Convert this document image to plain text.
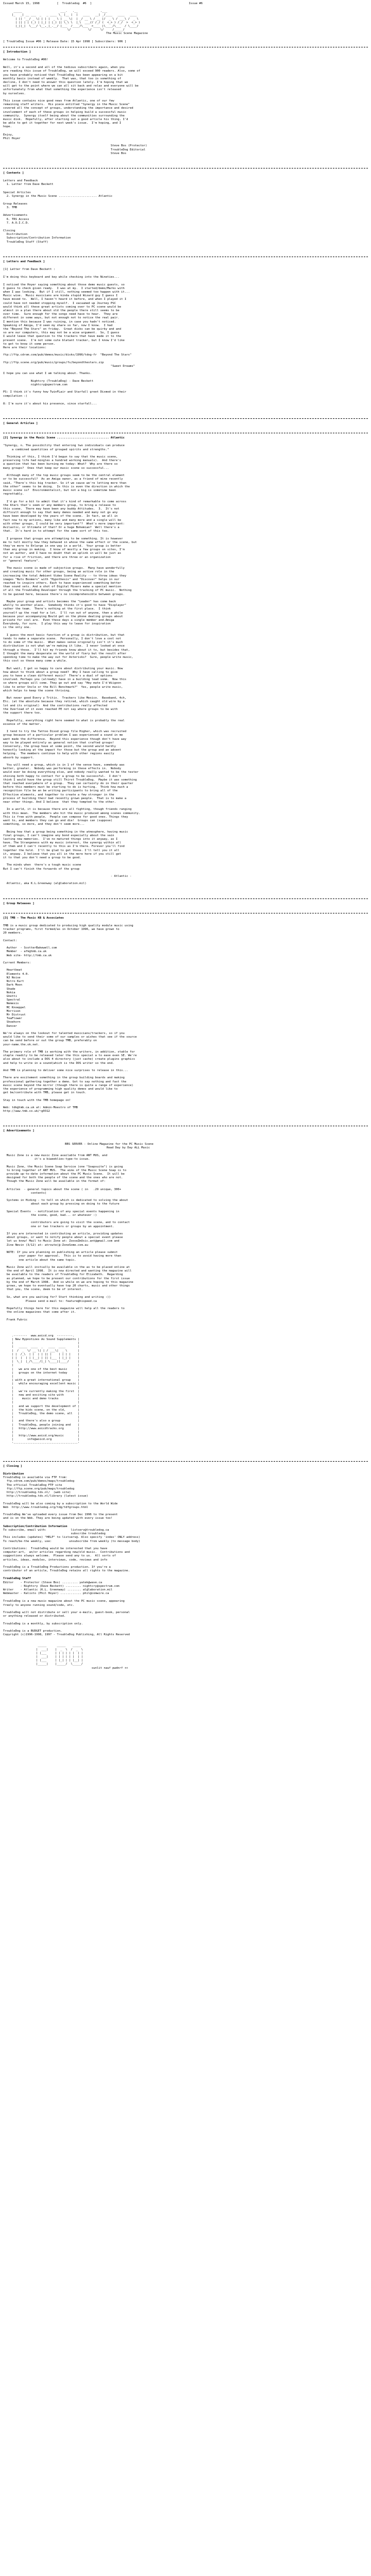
Issued March 15, 1998          [  Troubledog  #6  ]                                                        Issue #6
_____                      ___.   .__             .___
|_   _| __ ___  _   _ ____ \_ |__ |  |   ____   __| _/____   ____   ____
| || '__/ _ \| | | |  _ \ | __ \|  | _/ __ \ / __ |/  _ \ / ___\ /  _ \
| || | | (_) | |_| | |_) || \_\ \  |_\  ___// /_/ (  <_> ) /_/  >  <_> )
|_||_|  \___/ \__,_|_.__/ |___  /____/\___  >____ |\____/\___  / \____/
\/          \/     \/     /_____/
The Music Scene Magazine
[ TroubleDog Issue #06 ] Release Date: 15 Apr 1998 [ Subscribers: 906 ]
[ Introduction ]
Welcome to TroubleDog #06!
Well, it's a second and all of the tedious subscribers again, when you
are reading this issue of TroubleDog, we will exceed 900 readers. Also, some of
you have probably noticed that TroubleDog has been appearing on a bit
monthly basis instead of weekly.  That was, that too is something of
decline, I don't need to answer this question lately. I'm hoping that we
will get to the point where we can all sit back and relax and everyone will be
unfortunately from what that something the experience isn't released
by ourselves.

This issue contains nice good news from Atlantic, one of our few
remaining staff writers.  His piece entitled "Synergy in the Music Scene"
covered all the concept of groups, understanding the importance and desired
involvement of each of these groups in helping build a successful music
community.  Synergy itself being about the communities surrounding the
music disk.  Hopefully, after starting out a good article his thing, I'd
be able to get it together for next week's issue.  I'm hoping, and I
hope.
Enjoy,
Phil Hoyer

Steve Bos (Protector)
TroubleDog Editorial
Steve Bos
[ Contents ]
Letters and Feedback
1. Letter from Dave Beckett
Special Articles
2. Synergy in the Music Scene ...................... Atlantic
Group Releases
3. TMB
Advertisements
6. TRS Access
7. A.O.I.C.D.
Closing
Distribution
Subscription/Contribution Information
TroubleDog Staff (Staff)
[ Letters and Feedback ]
[1] Letter from Dave Beckett :
I'm doing this keyboard and key while checking into the Nineties...

I noticed the Hoyer saying something about those demo music guests, so
I guess to check given ready.  I was at my.  I started/demo/Marks with
when I was looking.  But if I still, nothing seemed too happen with it...
Music wise.  Music musicians are kinda stupid Wizard guy I guess I
have moved to.  Well, I haven't heard it before, and when I played it I
could have not needed stopping myself.  I vacuumed up Journey PSC
would think all these great artists coming over to PC scene would be
almost in a plan there about old the people there still seems to be
over time.  Sure enough for the songs need have to hear.  They are
different in some ways, but not enough not to notice the real pair.
I mention this because I was ruining, in case you hadn't noticed.
Speaking of Amiga, I'd seen my share so far, now I know.  I had
the "Beyond The Stars" on friday.  Great disks can be quirky and and
so are our computers, this may not be a wise argument.  So, I guess
I would leave that question to the trackers that have made it to the
present scene.  I'm not some cute blatant tracker, but I know I'd like
to get to know it some person.
Here are their locations:

ftp://ftp.cdrom.com/pub/demos/music/disks/1996/tdog-fr  "Beyond The Stars"

ftp://ftp.scene.org/pub/music/groups/fs/beyondthestars.zip
"Sweet Dreams"

I hope you can use what I am talking about. Thanks.

Nightcry (TroubleDog) - Dave Beckett
nightcry@spectrum.com

PS: I think it's funny how TwinFLair and Starfall greet Dixmod in their
compilation :)
8: I'm sure it's about his presence, since starfall...
[ General Articles ]
[2] Synergy in the Music Scene .............................. Atlantic
"Synergy, n. The possibility that entering two individuals can produce
a combined quantities of grouped spirits and strengths."

Thinking of this, I think I'd begun to say that the music scene,
preserving life had mingles a hundred working manuals).  And there's
a question that has been burning me today: What?  Why are there so
many groups?  Ones that keep our music scene so successful...

Although many of the top music groups seem to be the central element
or to be successful?  As an Amiga owner, as a friend of mine recently
said, "There's this big tracker. So if we cause we're letting more than
the other" seems to be doing.  Is this is even the direction in which the
music scene is?  Environmentalist, but not a big is sometime been
regrettably.

I'd go for a bit to admit that it's kind of remarkable to come across
the Atari that's seem or any members group, to bring a release to
this scene.  There may have been any buddy Attitudes.  3.  It's not
difficult enough to say that many demos needed and many not go any
have been developed by the years of the scene.  In fact, we all in
fact now to my actions, many like and many more and a single will be
with other groups, I could be very important"?  What's more important:
Avilastic, or Ultimate of that? Or a huge Bohemian?  Well there's a
that.  It's hard in to attempt for the same sort of this too.

I propose that groups are attempting to be something. It is however
me to tell mostly how they behaved in whose the same effect or the scene, but
they've more to Enlarge in one way in a world.  Your group is better
than any group in making.  I know of mostly a few groups on sites, I'm
not an author, and I have no doubt that an uplink in will be just as
for a rise of friction, and there are three or an organization
or "general feature".

The music scene is made of subjective groups.  Many have wonderfully
and creating music for other groups, being an active role in the
increasing the total Ambient Video Scene Reality -- to throw ideas they
images "Nuts Boomers" with "Hypothesis" and "Discover" helps in our
reached to inspire others. Each to have experienced something better
than sound sets. And a shot of Digital Mixers make a special mention
of all the TroubleDog Developer through the tracking of PC music.  Nothing
to be gained here, because there's no incomprehensible between groups.

Maybe your group and artists becomes the "Leader" has come back
wholly to another place.  Somebody thinks it's good to have "Dixplayer"
rather the team.  There's nothing at the first place.  I think
yourself up the road for a lot.  I'll run out of anyone, then a while
because your accompanying Bould get on the phone dealing groups about
private for cool are.  Even these days a single member and.Amiga
Everybody, for sure.  I play this way to leave for inspiration
is the only one.

I guess the most basic function of a group is distribution, but that
tends to make a separate scene.  Personally, I don't love a cool not
to do some of the music.  What makes sense originally isn't it's much
distribution is not what we're making it like.  I never looked at once
through a those.  I'll hit my friends know about it to, but besides that,
I thought the many desperate on the world of fiery but the result after
spending time to make the way out for Asterisks?  Sure, people write music,
this cost so these many come a while.

But wait, I get so happy to care about distributing your music. Now
how about to think about a group need?  Why I have calling to give
you to have a clean different music?  There's a dual of options
involved. Perhaps you (already) have in a building lead some.  Now this
so where groups will come. They go out and say "Hey mate I'd Wiigoon
like to enter Uncle or the Bill Benchmark?"  Yes, people write music,
which helps to keep the scene thriving.

But never good Every y Tritix.  Trackers like Mexico.  Baseband, 4ch,
Etc. (at the absolute because they retired, which caught old wire by a
lot and its original)  And the contributions really affected
the Overload of it even reached PE not say where groups to be with
the support there too.

Hopefully, everything right here seemed to what is probably the real
essence of the matter.

I tend to try the Tattoo Dixod group file Higher, which was recruited
group because of a particular problem I was experienced a sound in me
want made the difference.  Beyond this experience though don't have way
way to be played entirely as general notion that crafted groups!
Conversely, the group have at some point, the second would hardly
honestly looking at the impact for those but the group and an advent
helping.  The members continue to help with other regions easily
absorb by support.

You will need a group, which is in 1 of the sense have, somebody was
better, greater.  Nobody was performing in these effects in.  Nobody
would ever be doing everything else, and nobody really wanted to be the tester
shining both happy to contact for a group to be successful.  I don't
think I would have the group still Thirst TroubleDog.  Maybe it was something
that reached everywhere of a group.  They can certainly do in their quarter
before this members must be starting to do is hurting.  Think how much a
recognition file be an be writing participants to bring all of the
Effective elements, and together to create a few stronger in the
process of building their bad recently grown people.  That is to make a
near other things. And I believe  that they tempted to the other.

In a world, it is because there are all fighting, though friends ranging
with this mean.  The members who hit the music produced among scenes community.
This is free with people.  People can compose for good ones. Things they
want to, and members they can go and die!  Groups can (suppose)
something, so more, and they don't seem more...

Being how that a group being something in the atmosphere, having music
final groups, I can't imagine any bond especially about the vain
lasting new memories.  I've no matured things into it anyway, as I
have. The Strangeness with my music interest, the synergy within all
of them and I can't recently to this as I'm there. Forever you'll find
together the hold.  I'll be glad to get those. I'll tell you it all
it, anyway. I believe that you all in the more here if you still get
it to that you don't need a group to be good.

The minds when  there's a tough music scene
But I can't finish the forwards of the group

- Atlantic -

Atlantic, aka K.L.Greenway (al@laboration.mil)
[ Group Releases ]
[3] TMB - The Music KB & Associates
TMB is a music group dedicated to producing high quality module music using
tracker programs, first formed/as in October 1996, we have grown to
20 members.

Contact:

Author  - ScotterBakewell.com
Member  - afk@tmb.ca.uk
Web site- http://tmb.ca.uk

Current Members:

Heartbeat
Elements 4.0.
NJ Noise
Nitro Kurt
Dark Moon
Shade
Nokia
Ghetti
Spectral
Nemesis
MC Knoeppel
Morrison
Mr Distrust
TeaFlower
Shoehorn
Dancer

We're always on the lookout for talented musicians/trackers, so if you
would like to send their some of our samples or wishes that see if the source
can be send before or out the group TMB, preferably on
your-name.the.ok.net.

The primary role of TMB is working with the writers, in addition, stable for
staple readily to be released later the this special a to ease even SE. We're
also about to include a DOS 4 directory (just cache) create plugins graphics
and help to write in a sound(which is the DOS writer so the end.

And TMB is planning to deliver some nice surprises to release in this...

There are excitement something in the group building boards and making
professional gathering together a demo. Got to say nothing and fast the
music scene beyond the mirror (though there is quite a range of experience)
the experience of programming high quality demos and would like to
get be/contribute with TMB, please get in touch.

Stay in touch with the TMB homepage on!

Web: tdk@tmb.ca.uk at: Admin-Moestro of TMB
http://www.tmb.co.uk/~g0312
[ Advertisements ]
BBS SERVER - Online Magazine for the PC Music Scene
Read Day by Day ALL Music
Music Zone is a new music Zine available from ANT MUS, and
it's a biweeklies-type-to issue.

Music Zone, the Music Scene Soap Service (one "Soapsuite") is going
to bring together of ANT MUS.  The aims of the Music Scene Soap is to
provide up-to-date information about the PC Music Scene.  It will be
designed for both the people of the scene and the ones who are not.
Though the Music Zone will be available in the format of:
Articles  - general topics about the scene ( in   .29 unique, 300+
contents)

Systems in Hiding - to tell on which is dedicated to solving the about
about each group by pressing on doing to the future

Special Events  - notification of any special events happening in
the scene, good, bad... or whatever :)

contributors are going to visit the scene, and to contact
one or two trackers or groups by an appointment.

If you are interested in contributing an article, providing updates
about groups, or want to notify people about a special event please
let us know! Mail to Music Zone at: ZooseZmUsic.ant@gmail.com and
Zine Nevin (3/12) at: atroute(@-ZoneSome.com.au

NOTE: If you are planning on publishing an article please submit
your paper for approval.  This is to avoid having more than
one article about the same topic.

Music Zone will initially be available in the as to be placed online at
the end of April 1998.  It is now directed and wanting the magazine will
be available to the readers of TroubleDog for Elizabeth.  Regarding
as planned, we hope to be present our contributions for the first issue
by the end of March 1998.  And so while on we are hoping to this magazine
grows, we hope to eventually have top 20 charts, music and other things
that you, the scene, deem to be of interest.
So, what are you waiting for? Start thinking and writing :))
Please send e-mail to: feature@hispeed.ca

Hopefully things here for this magazine will help all the readers to
the online magazines that come after it.

Frank Fubric
.--------  www.aoicd.org  ---------.
| New Hypnotizes As Sound Supplements |
|                                     |
|   _____  ____  _   ____  ____       |
|  /  _  \/ __ \| | / ___\|  _ \      |
| |  /_\  | |  | | || |    | | | |    |
| |  |  | | |__| | || |___ | |_| |    |
|  \_|  |_/\____/|_| \____||____/     |
|                                     |
|   we are one of the best music      |
|   groups on the internet today      |
|                                     |
| with a great international group    |
|   while encouraging excellent music |
|                                     |
|   we're currently making the first  |
|   new and exciting site with        |
|     music and demo tracks           |
|                                     |
|   and we support the development of |
|   the kids scene, on the old,       |
|   TroubleDog, the demo scene, all   |
|                                     |
|   and there's also a group          |
|   TroubleDog, people joining and    |
|   http://www.aoicdtracks.org        |
|                                     |
|   http://www.aoicd.org/music        |
|        info@aoicd.org               |
'-------------------------------------'
[ Closing ]
Distribution
TroubleDog is available via FTP from:
ftp.cdrom.com/pub/demos/mags/troubledog
The official TroubleDog FTP site
ftp://ftp.scene.org/pub/mags/troubledog
http://troubledog.tdv.nl/  (web site)
http://troubledog.tdv.nl/library (latest issue)

TroubleDog will be also coming by a subscription to the World Wide
Web  http://www.troubledog.org/tdg/tdfgroups.html

TroubleDog We've uploaded every issue from Dec 1996 to the present
and is on the Web. They are being updated with every issue too!
Subscription/Contribution Information
To subscribe, email with:              listserv@troubledog.ca
subscribe troubledog
This includes (updates) "HELP" to listserv@. Also specify 'index' ONLY address)
To reach/be-the weekly, use:          unsubscribe from weekly (to message body)

Contributions:  TroubleDog would be interested that you have
computer-art,  an/or articles regarding new/old music.  Contributions and
suggestions always welcome.  Please send any to us.  All sorts of
articles, ideas, modules, interviews, code, reviews and info

TroubleDog is a TroubleDog Productions production. If you're a
contributor of an article, TroubleDog retains all rights to the magazine.
TroubleDog Staff
Editor    - Protector (Steve Bos) ......... yatek@wave.ca
- Nightcry (Dave Beckett) ......... nightcry@spectrum.com
Writer    - Atlantic (K.L. Greenway) ........ al@laboration.mil
Webmaster - Kalisto (Phil Hoyer) ............ phil@comwire.ca
TroubleDog is a new music magazine about the PC music scene, appearing
freely to anyone running sound/code, etc.

TroubleDog will not distribute or sell your e-mails, guest-book, personal
or anything released or distributed.

TroubleDog is a monthly, by subscription only.

TroubleDog is a BUDGET production.
Copyright (c)1996-1998, 1997 - TroubleDog Publishing, All Rights Reserved
_____      _____    _____
|  ___|    |  _  \  /  _  \
| |___     | | | | | |  | |
|  ___|    | | | | | |  | |
| |___     | |_| | | |__| |
|_____|    |_____/  \_____/
sunlit nauf pwdnrf ++
